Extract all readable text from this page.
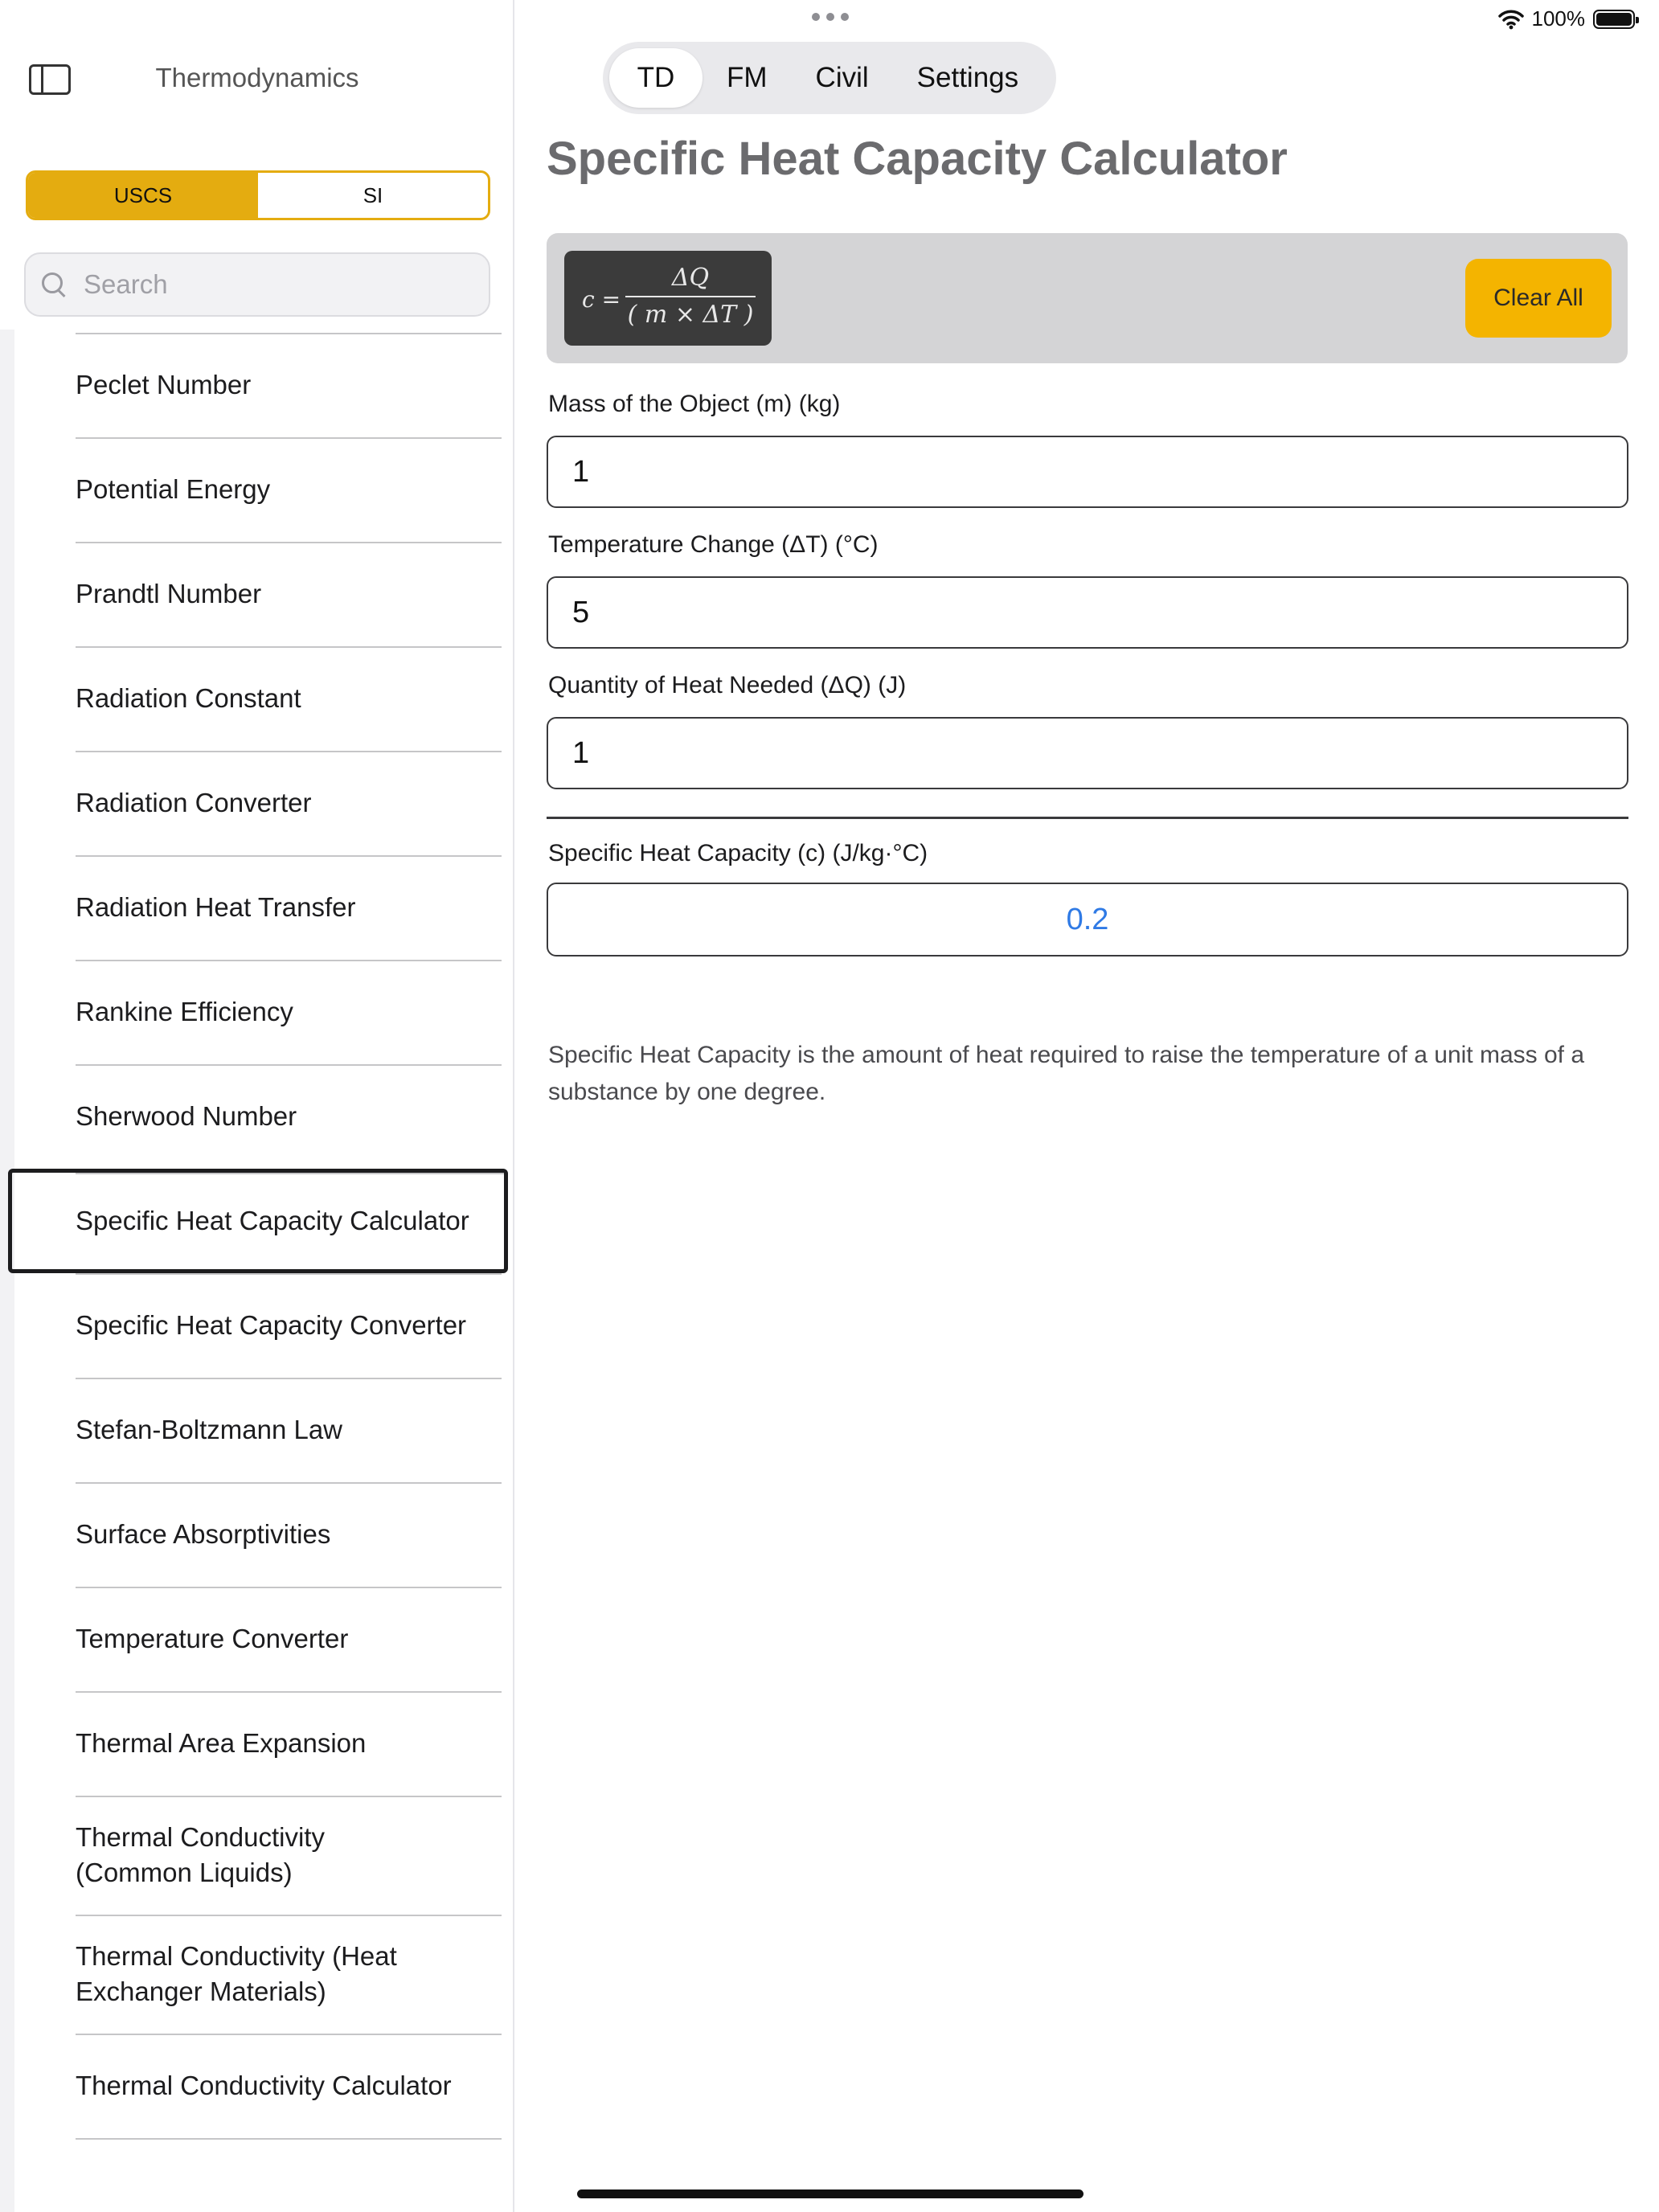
100%
Thermodynamics
USCS	SI
Search
Peclet Number
Potential Energy
Prandtl Number
Radiation Constant
Radiation Converter
Radiation Heat Transfer
Rankine Efficiency
Sherwood Number
Specific Heat Capacity Calculator
Specific Heat Capacity Converter
Stefan-Boltzmann Law
Surface Absorptivities
Temperature Converter
Thermal Area Expansion
Thermal Conductivity
(Common Liquids)
Thermal Conductivity (Heat
Exchanger Materials)
Thermal Conductivity Calculator
TD	FM	Civil	Settings
Specific Heat Capacity Calculator
c =
ΔQ
( m × ΔT )
Clear All
Mass of the Object (m) (kg)
1
Temperature Change (ΔT) (°C)
5
Quantity of Heat Needed (ΔQ) (J)
1
Specific Heat Capacity (c) (J/kg·°C)
0.2
Specific Heat Capacity is the amount of heat required to raise the temperature of a unit mass of a substance by one degree.
